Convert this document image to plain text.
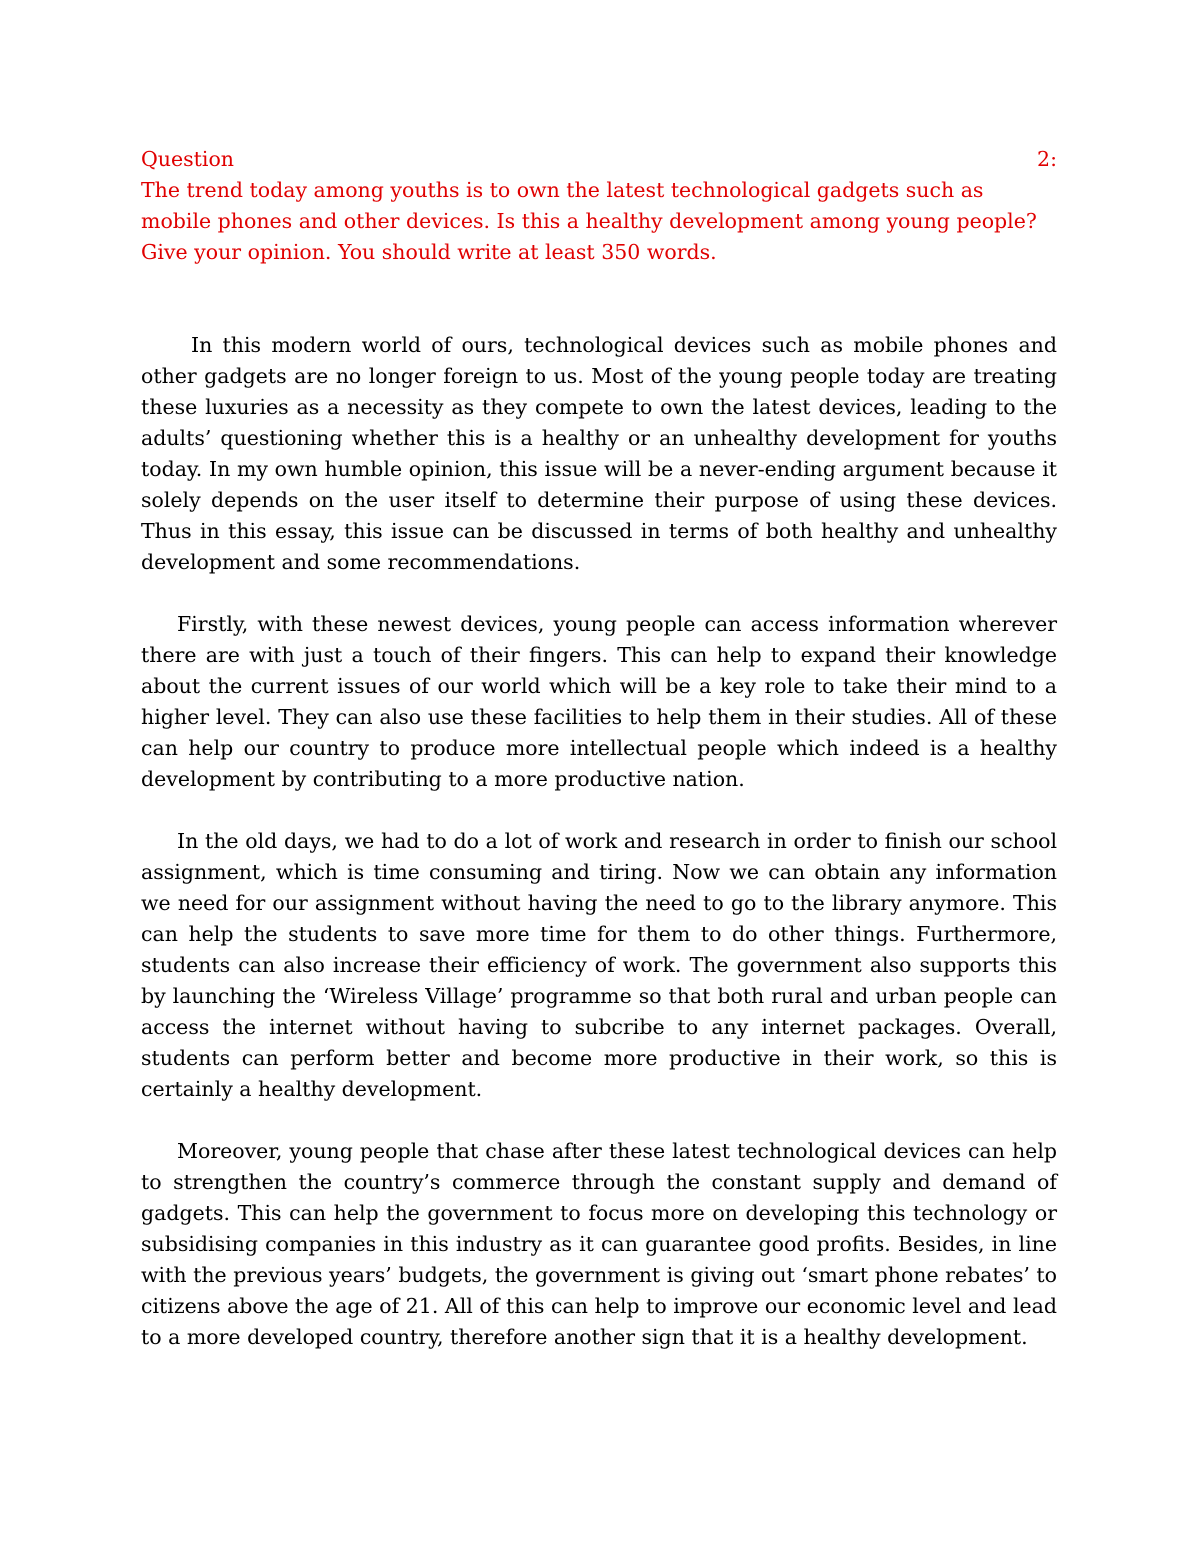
Question	2:

The trend today among youths is to own the latest technological gadgets such as mobile phones and other devices. Is this a healthy development among young people? Give your opinion. You should write at least 350 words.

In this modern world of ours, technological devices such as mobile phones and other gadgets are no longer foreign to us. Most of the young people today are treating these luxuries as a necessity as they compete to own the latest devices, leading to the adults’ questioning whether this is a healthy or an unhealthy development for youths today. In my own humble opinion, this issue will be a never-ending argument because it solely depends on the user itself to determine their purpose of using these devices. Thus in this essay, this issue can be discussed in terms of both healthy and unhealthy development and some recommendations.

Firstly, with these newest devices, young people can access information wherever there are with just a touch of their fingers. This can help to expand their knowledge about the current issues of our world which will be a key role to take their mind to a higher level. They can also use these facilities to help them in their studies. All of these can help our country to produce more intellectual people which indeed is a healthy development by contributing to a more productive nation.

In the old days, we had to do a lot of work and research in order to finish our school assignment, which is time consuming and tiring. Now we can obtain any information we need for our assignment without having the need to go to the library anymore. This can help the students to save more time for them to do other things. Furthermore, students can also increase their efficiency of work. The government also supports this by launching the ‘Wireless Village’ programme so that both rural and urban people can access the internet without having to subcribe to any internet packages. Overall, students can perform better and become more productive in their work, so this is certainly a healthy development.

Moreover, young people that chase after these latest technological devices can help to strengthen the country’s commerce through the constant supply and demand of gadgets. This can help the government to focus more on developing this technology or subsidising companies in this industry as it can guarantee good profits. Besides, in line with the previous years’ budgets, the government is giving out ‘smart phone rebates’ to citizens above the age of 21. All of this can help to improve our economic level and lead to a more developed country, therefore another sign that it is a healthy development.
